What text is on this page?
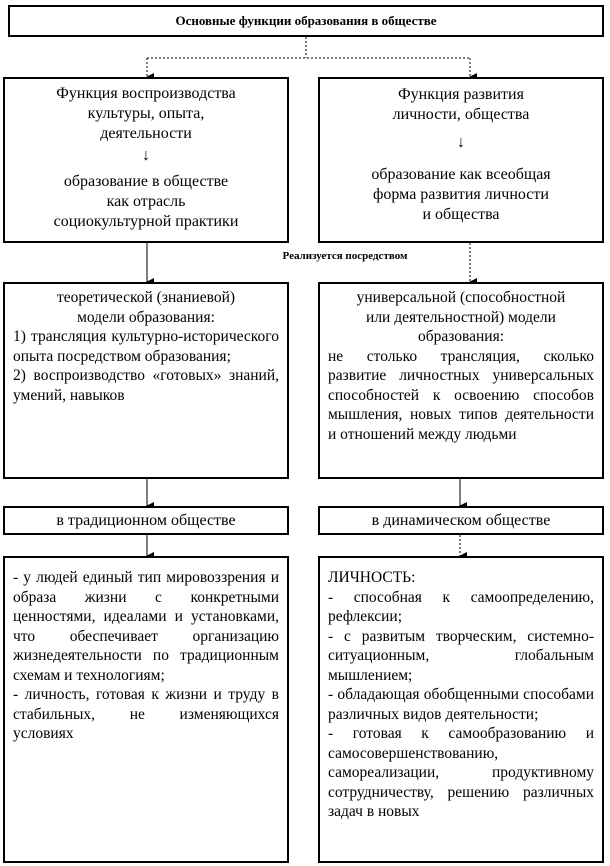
Основные функции образования в обществе
Функция воспроизводства
культуры, опыта,
деятельности
↓
образование в обществе
как отрасль
социокультурной практики
Функция развития
личности, общества
↓
образование как всеобщая
форма развития личности
и общества
Реализуется посредством
теоретической (знаниевой)
модели образования:
1) трансляция культурно-исторического опыта посредством образования;
2) воспроизводство «готовых» знаний, умений, навыков
универсальной (способностной
или деятельностной) модели
образования:
не столько трансляция, сколько развитие личностных универсальных способностей к освоению способов мышления, новых типов деятельности и отношений между людьми
в традиционном обществе	в динамическом обществе

- у людей единый тип мировоззрения и образа жизни с конкретными ценностями, идеалами и установками, что обеспечивает организацию жизнедеятельности по традиционным схемам и технологиям;

- личность, готовая к жизни и труду в стабильных, не изменяющихся условиях

ЛИЧНОСТЬ:

- способная к самоопределению, рефлексии;

- с развитым творческим, системно-ситуационным, глобальным мышлением;

- обладающая обобщенными способами различных видов деятельности;

- готовая к самообразованию и самосовершенствованию, самореализации, продуктивному сотрудничеству, решению различных задач в новых
